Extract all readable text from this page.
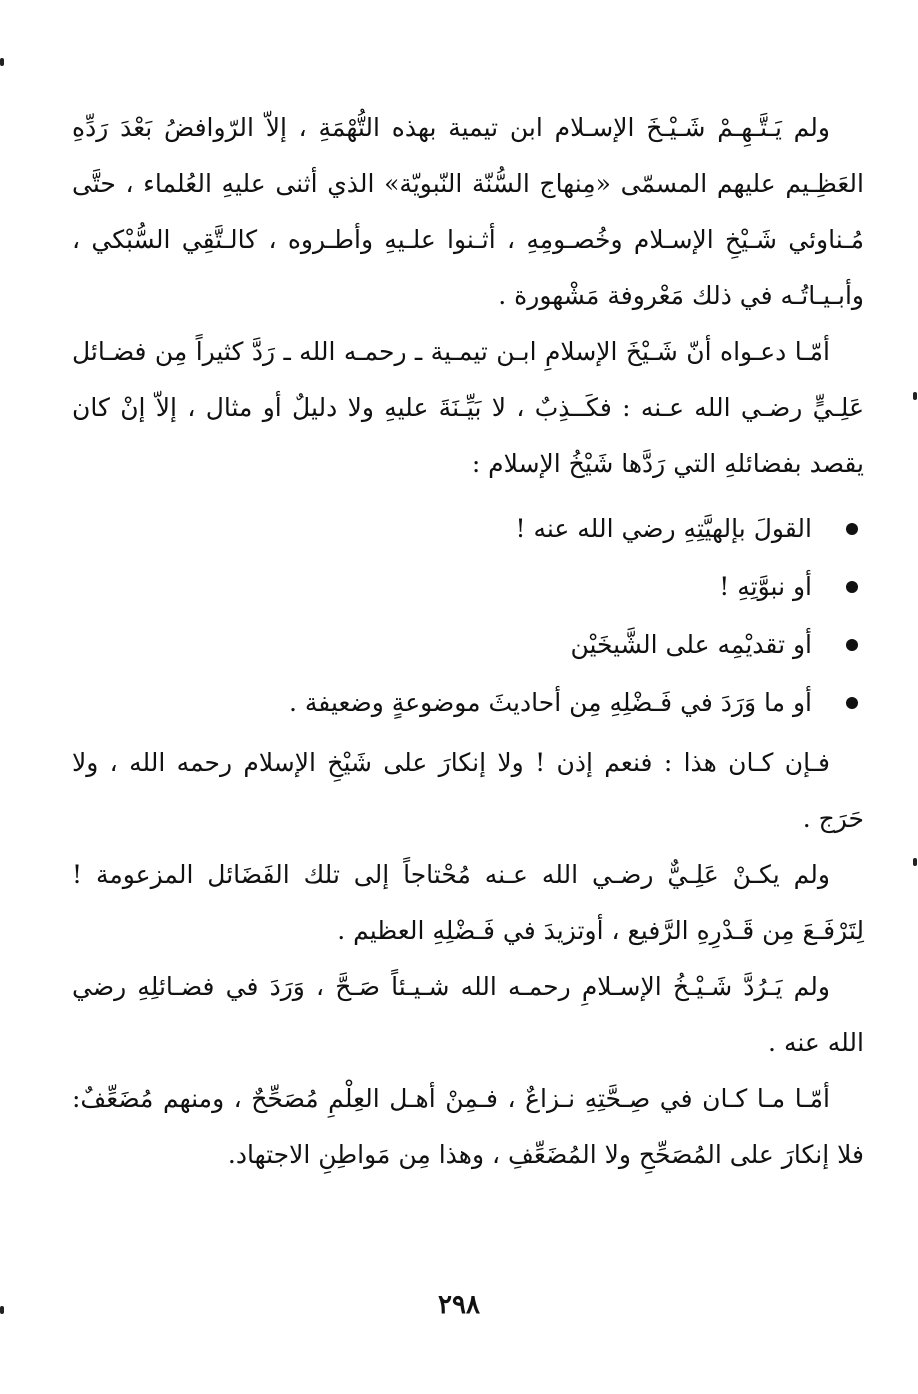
ولم يَـتَّـهِـمْ شَـيْـخَ الإسـلام ابن تيمية بهذه التُّهْمَةِ ، إلاّ الرّوافضُ بَعْدَ رَدِّهِ العَظِـيم عليهم المسمّى «مِنهاج السُّنّة النّبويّة» الذي أثنى عليهِ العُلماء ، حتَّى مُـناوئي شَـيْخِ الإسـلام وخُصـومِهِ ، أثـنوا علـيهِ وأطـروه ، كالـتَّقِي السُّبْكي ، وأبـيـاتُـه في ذلك مَعْروفة مَشْهورة .

أمّـا دعـواه أنّ شَـيْخَ الإسلامِ ابـن تيمـية ـ رحمـه الله ـ رَدَّ كثيراً مِن فضـائل عَلِـيٍّ رضـي الله عـنه : فكَــذِبٌ ، لا بَيِّـنَةَ عليهِ ولا دليلٌ أو مثال ، إلاّ إنْ كان يقصد بفضائلهِ التي رَدَّها شَيْخُ الإسلام :

القولَ بإلهيَّتِهِ رضي الله عنه !
أو نبوَّتِهِ !
أو تقديْمِه على الشَّيخَيْن
أو ما وَرَدَ في فَـضْلِهِ مِن أحاديثَ موضوعةٍ وضعيفة .

فـإن كـان هذا : فنعم إذن ! ولا إنكارَ على شَيْخِ الإسلام رحمه الله ، ولا حَرَج .

ولم يكـنْ عَلِـيٌّ رضـي الله عـنه مُحْتاجاً إلى تلك الفَضَائل المزعومة ! لِتَرْفَـعَ مِن قَـدْرِهِ الرَّفيع ، أوتزيدَ في فَـضْلِهِ العظيم .

ولم يَـرُدَّ شَـيْـخُ الإسـلامِ رحمـه الله شـيـئاً صَـحَّ ، وَرَدَ في فضـائلِهِ رضي الله عنه .

أمّـا مـا كـان في صِـحَّتِهِ نـزاعٌ ، فـمِنْ أهـل العِلْمِ مُصَحِّحٌ ، ومنهم مُضَعِّفٌ: فلا إنكارَ على المُصَحِّحِ ولا المُضَعِّفِ ، وهذا مِن مَواطِنِ الاجتهاد.

٢٩٨
